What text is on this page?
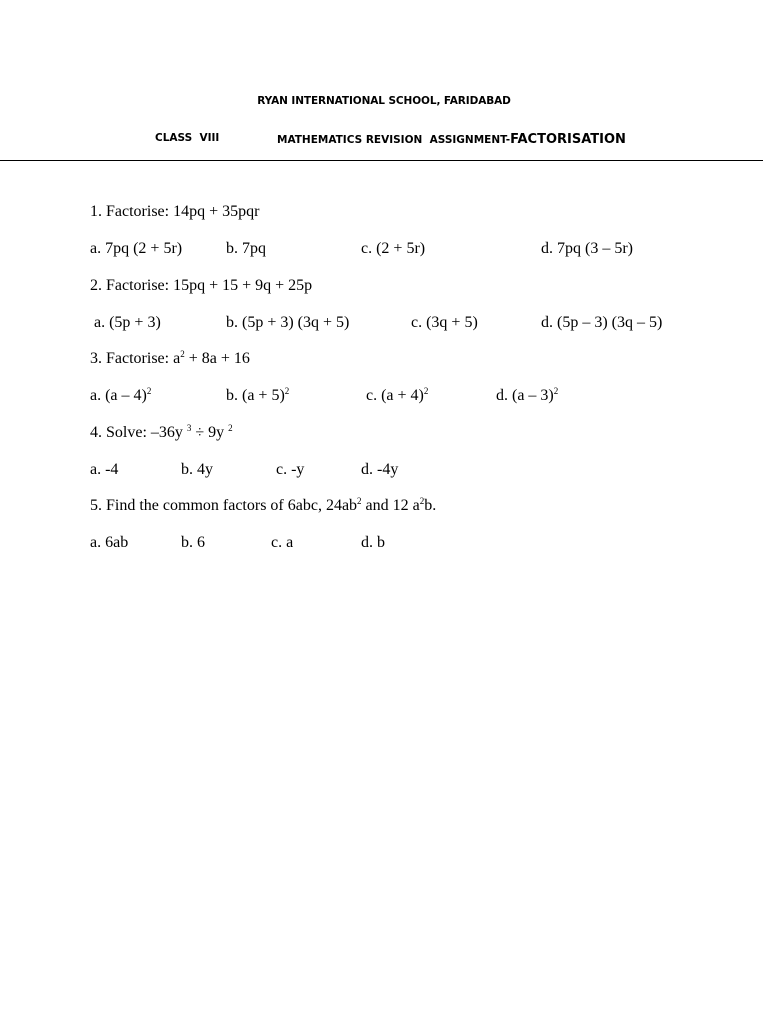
RYAN INTERNATIONAL SCHOOL, FARIDABAD
CLASS  VIII	MATHEMATICS REVISION  ASSIGNMENT-FACTORISATION
1. Factorise: 14pq + 35pqr
a. 7pq (2 + 5r)	b. 7pq	c. (2 + 5r)	d. 7pq (3 – 5r)
2. Factorise: 15pq + 15 + 9q + 25p
a. (5p + 3)	b. (5p + 3) (3q + 5)	c. (3q + 5)	d. (5p – 3) (3q – 5)
3. Factorise: $a^2 + 8a + 16$
a. (a – 4)$^2$	b. $(a + 5)^2$	c. $(a + 4)^2$	d. (a – 3)$^2$
4. Solve: –36y $^3$ ÷ 9y $^2$
a. -4	b. 4y	c. -y	d. -4y
5. Find the common factors of 6abc, $24ab^2$ and 12 $a^2b$.
a. 6ab	b. 6	c. a	d. b
